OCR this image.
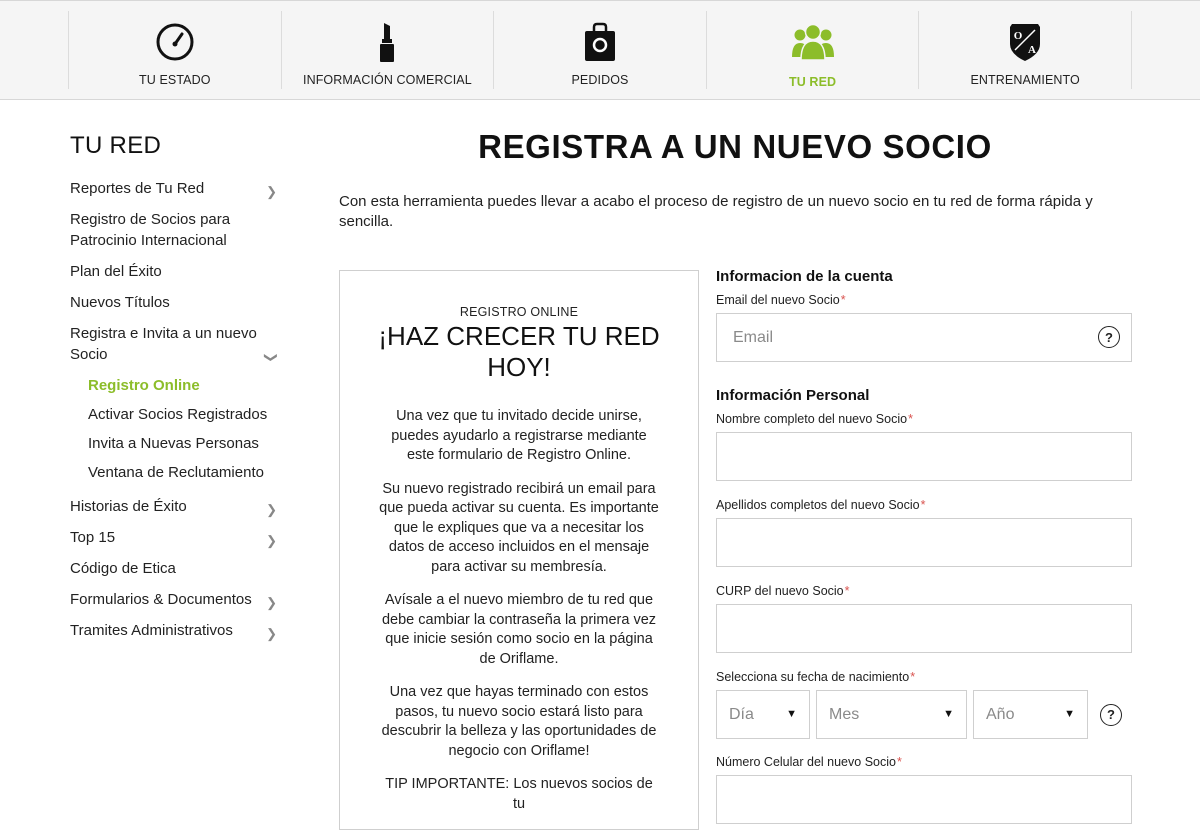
TU ESTADO	INFORMACIÓN COMERCIAL	PEDIDOS	TU RED
O
A
ENTRENAMIENTO
TU RED
Reportes de Tu Red	❯
Registro de Socios para Patrocinio Internacional
Plan del Éxito
Nuevos Títulos
Registra e Invita a un nuevo Socio	❯
Registro Online
Activar Socios Registrados
Invita a Nuevas Personas
Ventana de Reclutamiento
Historias de Éxito	❯
Top 15	❯
Código de Etica
Formularios & Documentos ❯
Tramites Administrativos	❯
REGISTRA A UN NUEVO SOCIO

Con esta herramienta puedes llevar a acabo el proceso de registro de un nuevo socio en tu red de forma rápida y sencilla.

REGISTRO ONLINE
¡HAZ CRECER TU RED HOY!

Una vez que tu invitado decide unirse, puedes ayudarlo a registrarse mediante este formulario de Registro Online.

Su nuevo registrado recibirá un email para que pueda activar su cuenta. Es importante que le expliques que va a necesitar los datos de acceso incluidos en el mensaje para activar su membresía.

Avísale a el nuevo miembro de tu red que debe cambiar la contraseña la primera vez que inicie sesión como socio en la página de Oriflame.

Una vez que hayas terminado con estos pasos, tu nuevo socio estará listo para descubrir la belleza y las oportunidades de negocio con Oriflame!

TIP IMPORTANTE: Los nuevos socios de tu

Informacion de la cuenta
Email del nuevo Socio*
Email
?
Información Personal
Nombre completo del nuevo Socio*
Apellidos completos del nuevo Socio*
CURP del nuevo Socio*
Selecciona su fecha de nacimiento*
Día	▼ Mes	▼ Año	▼	?
Número Celular del nuevo Socio*
